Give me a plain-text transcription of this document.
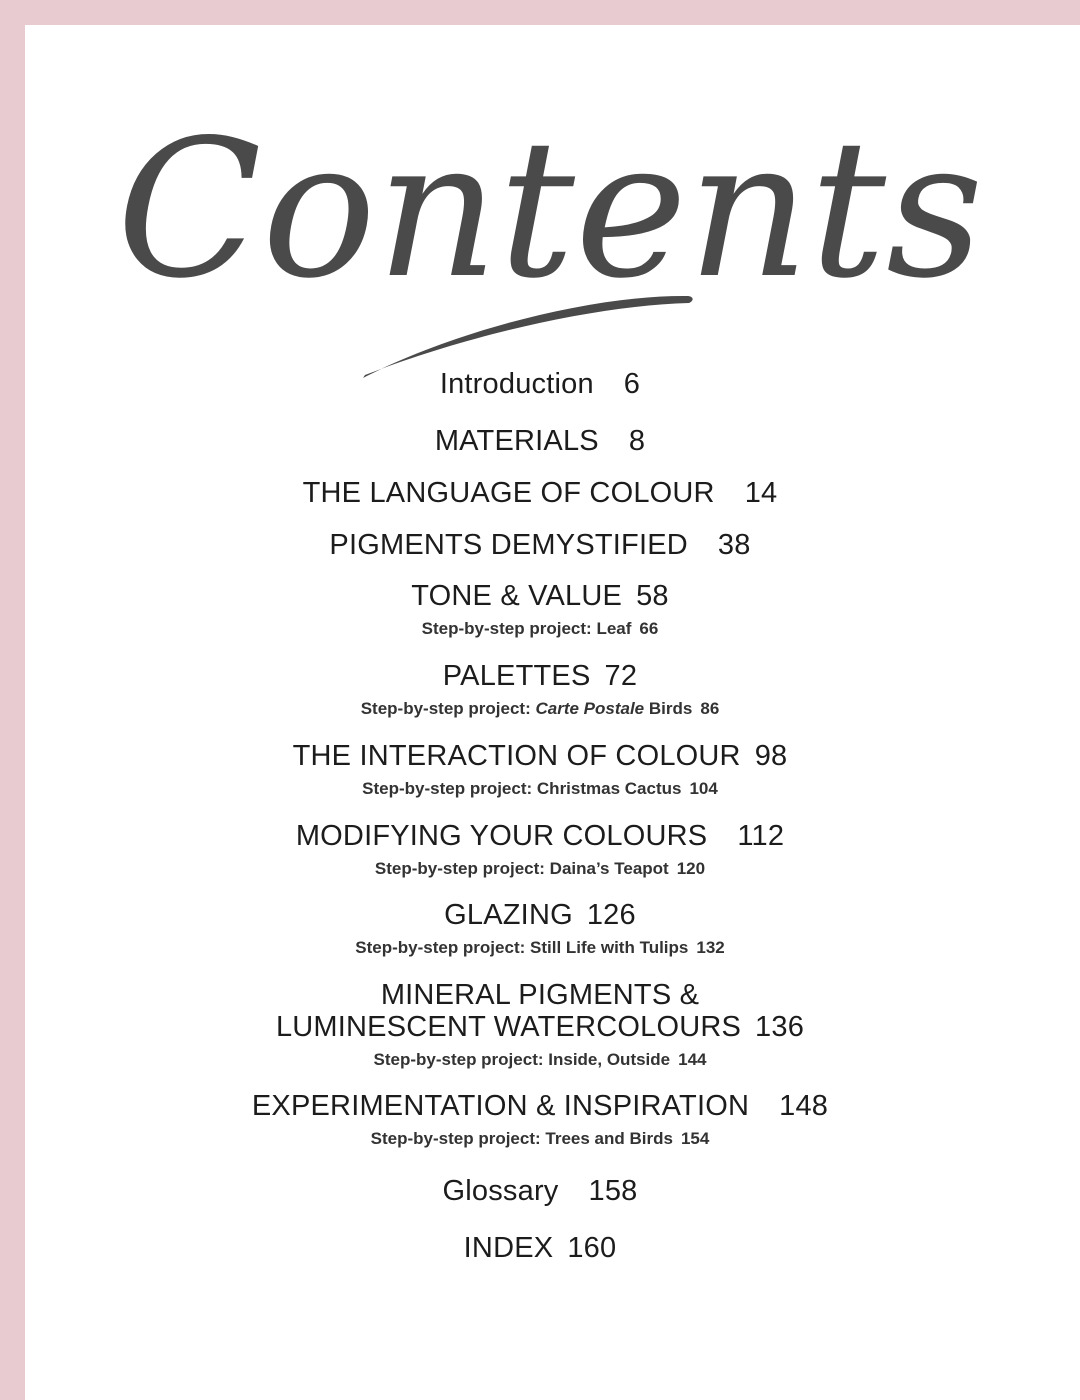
Contents
Introduction 6
MATERIALS 8
THE LANGUAGE OF COLOUR 14
PIGMENTS DEMYSTIFIED 38
TONE & VALUE 58
Step-by-step project: Leaf 66
PALETTES 72
Step-by-step project: Carte Postale Birds 86
THE INTERACTION OF COLOUR 98
Step-by-step project: Christmas Cactus 104
MODIFYING YOUR COLOURS 112
Step-by-step project: Daina’s Teapot 120
GLAZING 126
Step-by-step project: Still Life with Tulips 132
MINERAL PIGMENTS &
LUMINESCENT WATERCOLOURS 136
Step-by-step project: Inside, Outside 144
EXPERIMENTATION & INSPIRATION 148
Step-by-step project: Trees and Birds 154
Glossary 158
INDEX 160
